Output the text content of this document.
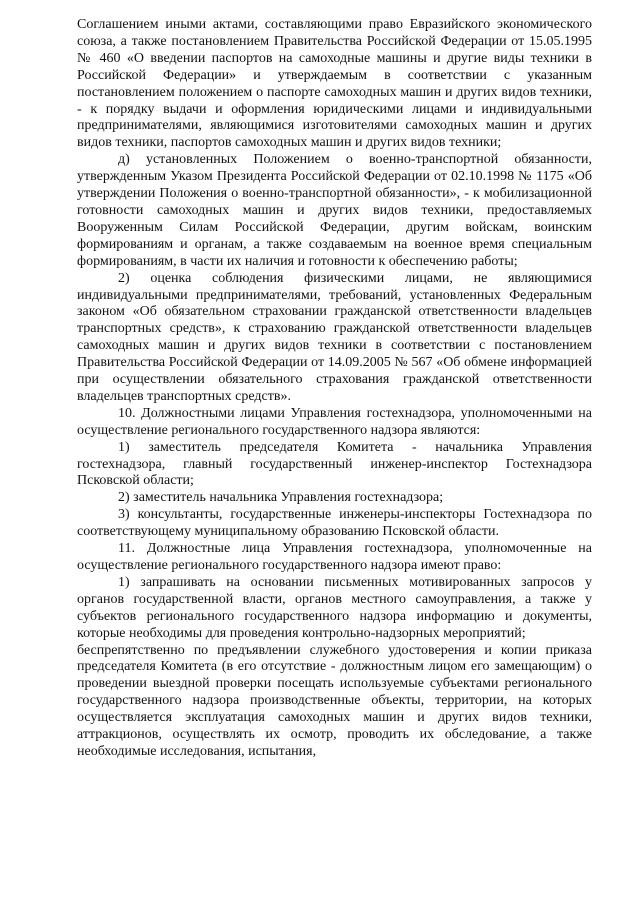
Соглашением иными актами, составляющими право Евразийского экономического союза, а также постановлением Правительства Российской Федерации от 15.05.1995 № 460 «О введении паспортов на самоходные машины и другие виды техники в Российской Федерации» и утверждаемым в соответствии с указанным постановлением положением о паспорте самоходных машин и других видов техники, - к порядку выдачи и оформления юридическими лицами и индивидуальными предпринимателями, являющимися изготовителями самоходных машин и других видов техники, паспортов самоходных машин и других видов техники;

д) установленных Положением о военно-транспортной обязанности, утвержденным Указом Президента Российской Федерации от 02.10.1998 № 1175 «Об утверждении Положения о военно-транспортной обязанности», - к мобилизационной готовности самоходных машин и других видов техники, предоставляемых Вооруженным Силам Российской Федерации, другим войскам, воинским формированиям и органам, а также создаваемым на военное время специальным формированиям, в части их наличия и готовности к обеспечению работы;

2) оценка соблюдения физическими лицами, не являющимися индивидуальными предпринимателями, требований, установленных Федеральным законом «Об обязательном страховании гражданской ответственности владельцев транспортных средств», к страхованию гражданской ответственности владельцев самоходных машин и других видов техники в соответствии с постановлением Правительства Российской Федерации от 14.09.2005 № 567 «Об обмене информацией при осуществлении обязательного страхования гражданской ответственности владельцев транспортных средств».

10. Должностными лицами Управления гостехнадзора, уполномоченными на осуществление регионального государственного надзора являются:

1) заместитель председателя Комитета - начальника Управления гостехнадзора, главный государственный инженер-инспектор Гостехнадзора Псковской области;

2) заместитель начальника Управления гостехнадзора;

3) консультанты, государственные инженеры-инспекторы Гостехнадзора по соответствующему муниципальному образованию Псковской области.

11. Должностные лица Управления гостехнадзора, уполномоченные на осуществление регионального государственного надзора имеют право:

1) запрашивать на основании письменных мотивированных запросов у органов государственной власти, органов местного самоуправления, а также у субъектов регионального государственного надзора информацию и документы, которые необходимы для проведения контрольно-надзорных мероприятий;

беспрепятственно по предъявлении служебного удостоверения и копии приказа председателя Комитета (в его отсутствие - должностным лицом его замещающим) о проведении выездной проверки посещать используемые субъектами регионального государственного надзора производственные объекты, территории, на которых осуществляется эксплуатация самоходных машин и других видов техники, аттракционов, осуществлять их осмотр, проводить их обследование, а также необходимые исследования, испытания,
